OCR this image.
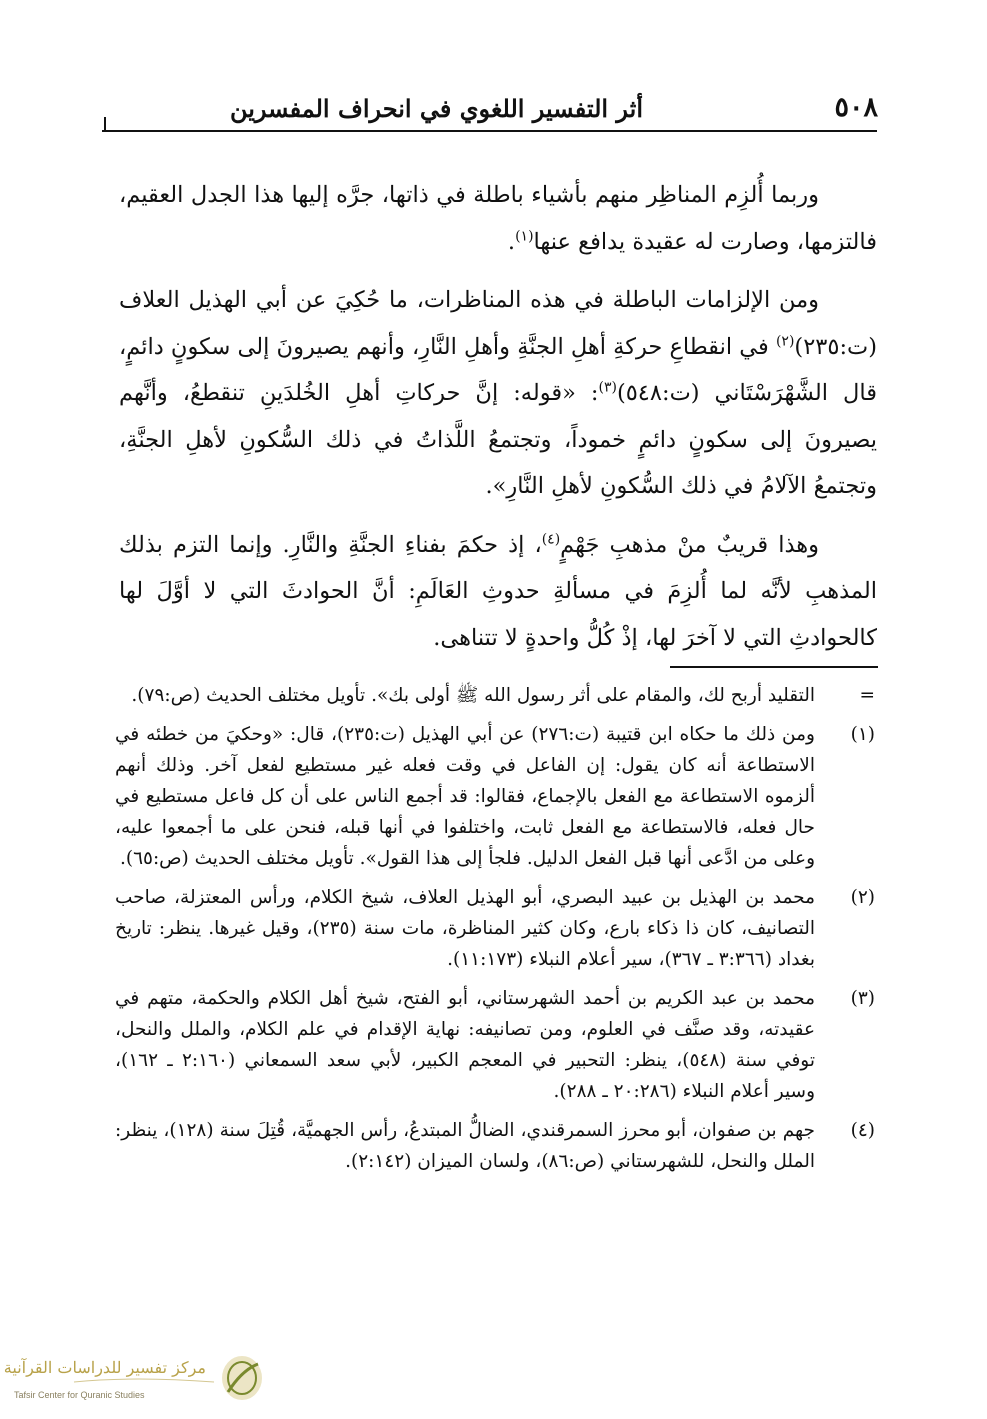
٥٠٨
أثر التفسير اللغوي في انحراف المفسرين

وربما أُلزِم المناظِر منهم بأشياء باطلة في ذاتها، جرَّه إليها هذا الجدل العقيم، فالتزمها، وصارت له عقيدة يدافع عنها$^{(١)}$.

ومن الإلزامات الباطلة في هذه المناظرات، ما حُكِيَ عن أبي الهذيل العلاف (ت:٢٣٥)$^{(٢)}$ في انقطاعِ حركةِ أهلِ الجنَّةِ وأهلِ النَّارِ، وأنهم يصيرونَ إلى سكونٍ دائمٍ، قال الشَّهْرَسْتَاني (ت:٥٤٨)$^{(٣)}$: «قوله: إنَّ حركاتِ أهلِ الخُلدَينِ تنقطعُ، وأنَّهم يصيرونَ إلى سكونٍ دائمٍ خموداً، وتجتمعُ اللَّذاتُ في ذلك السُّكونِ لأهلِ الجنَّةِ، وتجتمعُ الآلامُ في ذلك السُّكونِ لأهلِ النَّارِ».

وهذا قريبٌ منْ مذهبِ جَهْمٍ$^{(٤)}$، إذ حكمَ بفناءِ الجنَّةِ والنَّارِ. وإنما التزم بذلك المذهبِ لأنَّه لما أُلزِمَ في مسألةِ حدوثِ العَالَمِ: أنَّ الحوادثَ التي لا أوَّلَ لها كالحوادثِ التي لا آخرَ لها، إذْ كُلُّ واحدةٍ لا تتناهى.

=
التقليد أربح لك، والمقام على أثر رسول الله ﷺ أولى بك». تأويل مختلف الحديث (ص:٧٩).
(١)
ومن ذلك ما حكاه ابن قتيبة (ت:٢٧٦) عن أبي الهذيل (ت:٢٣٥)، قال: «وحكيَ من خطئه في الاستطاعة أنه كان يقول: إن الفاعل في وقت فعله غير مستطيع لفعل آخر. وذلك أنهم ألزموه الاستطاعة مع الفعل بالإجماع، فقالوا: قد أجمع الناس على أن كل فاعل مستطيع في حال فعله، فالاستطاعة مع الفعل ثابت، واختلفوا في أنها قبله، فنحن على ما أجمعوا عليه، وعلى من ادَّعى أنها قبل الفعل الدليل. فلجأ إلى هذا القول». تأويل مختلف الحديث (ص:٦٥).
(٢)
محمد بن الهذيل بن عبيد البصري، أبو الهذيل العلاف، شيخ الكلام، ورأس المعتزلة، صاحب التصانيف، كان ذا ذكاء بارع، وكان كثير المناظرة، مات سنة (٢٣٥)، وقيل غيرها. ينظر: تاريخ بغداد (٣:٣٦٦ ـ ٣٦٧)، سير أعلام النبلاء (١١:١٧٣).
(٣)
محمد بن عبد الكريم بن أحمد الشهرستاني، أبو الفتح، شيخ أهل الكلام والحكمة، متهم في عقيدته، وقد صنَّف في العلوم، ومن تصانيفه: نهاية الإقدام في علم الكلام، والملل والنحل، توفي سنة (٥٤٨)، ينظر: التحبير في المعجم الكبير، لأبي سعد السمعاني (٢:١٦٠ ـ ١٦٢)، وسير أعلام النبلاء (٢٠:٢٨٦ ـ ٢٨٨).
(٤)
جهم بن صفوان، أبو محرز السمرقندي، الضالُّ المبتدعُ، رأس الجهميَّة، قُتِلَ سنة (١٢٨)، ينظر: الملل والنحل، للشهرستاني (ص:٨٦)، ولسان الميزان (٢:١٤٢).
مركز تفسير للدراسات القرآنية
Tafsir Center for Quranic Studies
